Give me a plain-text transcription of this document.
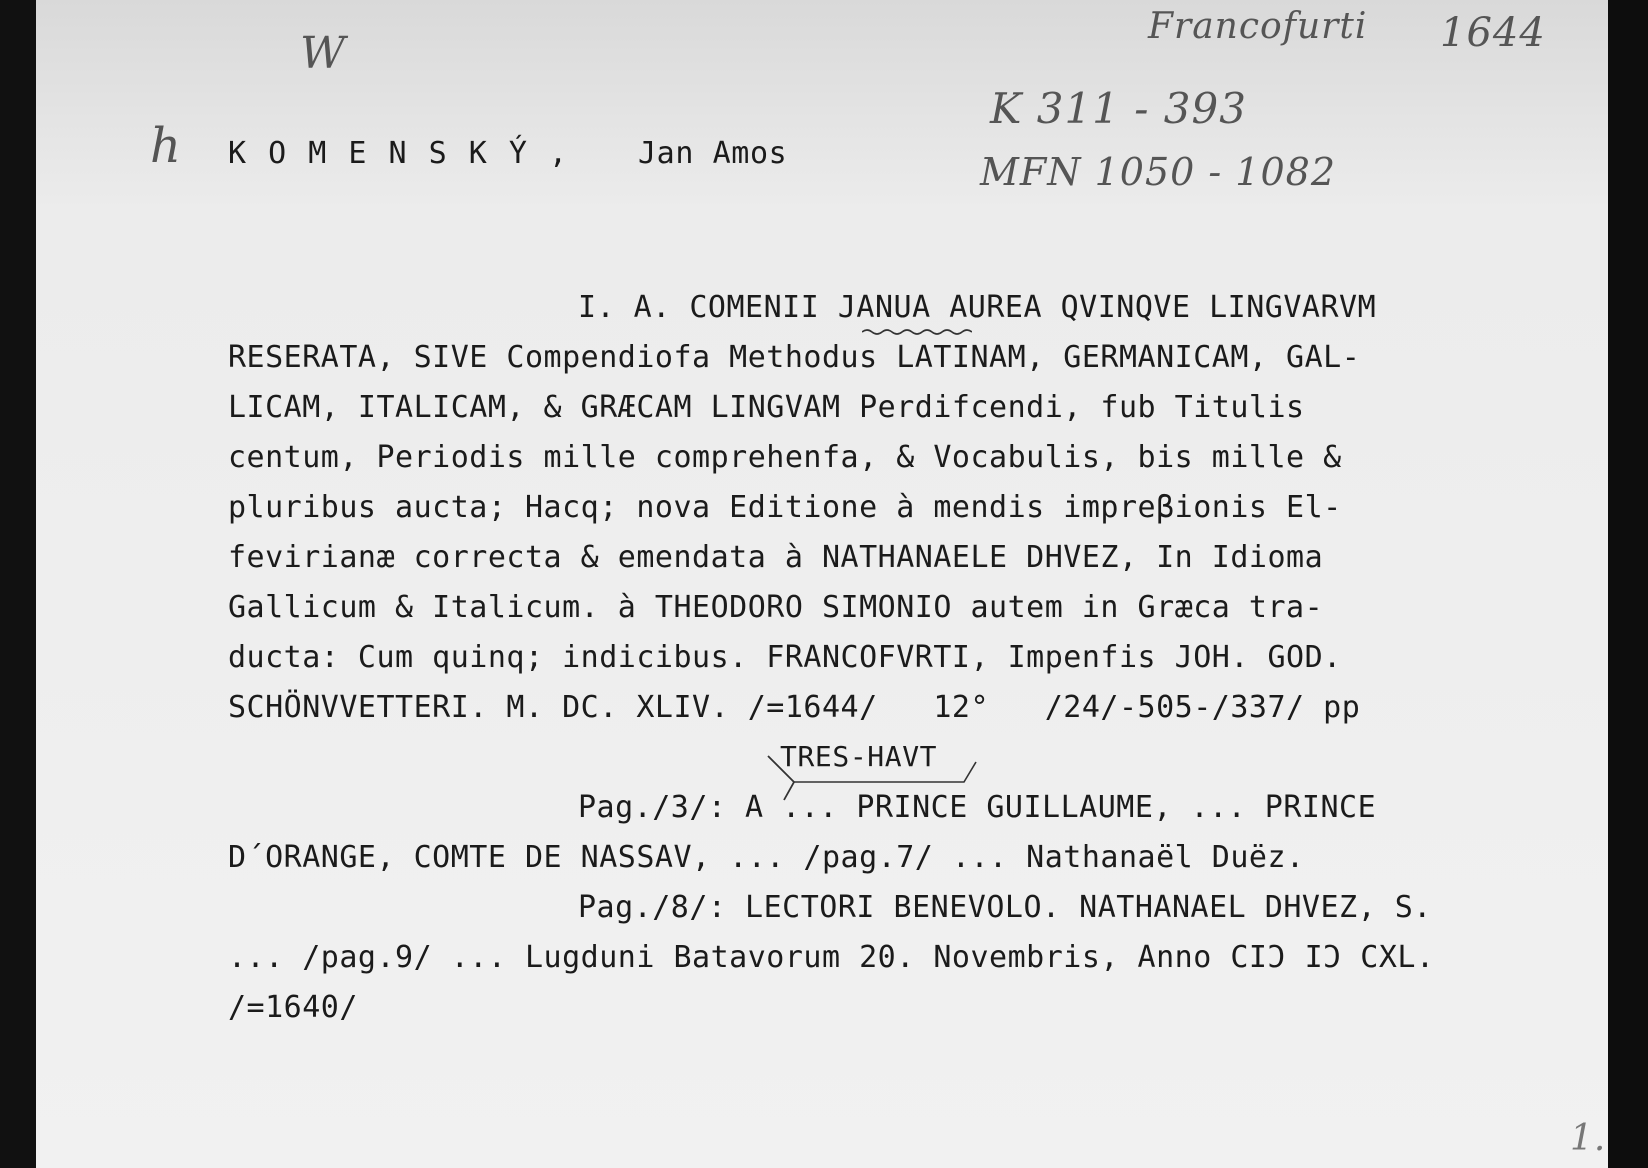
W
h
Francofurti 1644
K 311 - 393
MFN 1050 - 1082
1.
K O M E N S K Ý , Jan Amos
I. A. COMENII JANUA AUREA QVINQVE LINGVARVM
RESERATA, SIVE Compendiofa Methodus LATINAM, GERMANICAM, GAL-
LICAM, ITALICAM, & GRÆCAM LINGVAM Perdifcendi, fub Titulis
centum, Periodis mille comprehenfa, & Vocabulis, bis mille &
pluribus aucta; Hacq; nova Editione à mendis impreβionis El-
fevirianæ correcta & emendata à NATHANAELE DHVEZ, In Idioma
Gallicum & Italicum. à THEODORO SIMONIO autem in Græca tra-
ducta: Cum quinq; indicibus. FRANCOFVRTI, Impenfis JOH. GOD.
SCHÖNVVETTERI. M. DC. XLIV. /=1644/   12°   /24/-505-/337/ pp
TRES-HAVT
Pag./3/: A ... PRINCE GUILLAUME, ... PRINCE
D´ORANGE, COMTE DE NASSAV, ... /pag.7/ ... Nathanaël Duëz.
Pag./8/: LECTORI BENEVOLO. NATHANAEL DHVEZ, S.
... /pag.9/ ... Lugduni Batavorum 20. Novembris, Anno CIϽ IϽ CXL.
/=1640/
